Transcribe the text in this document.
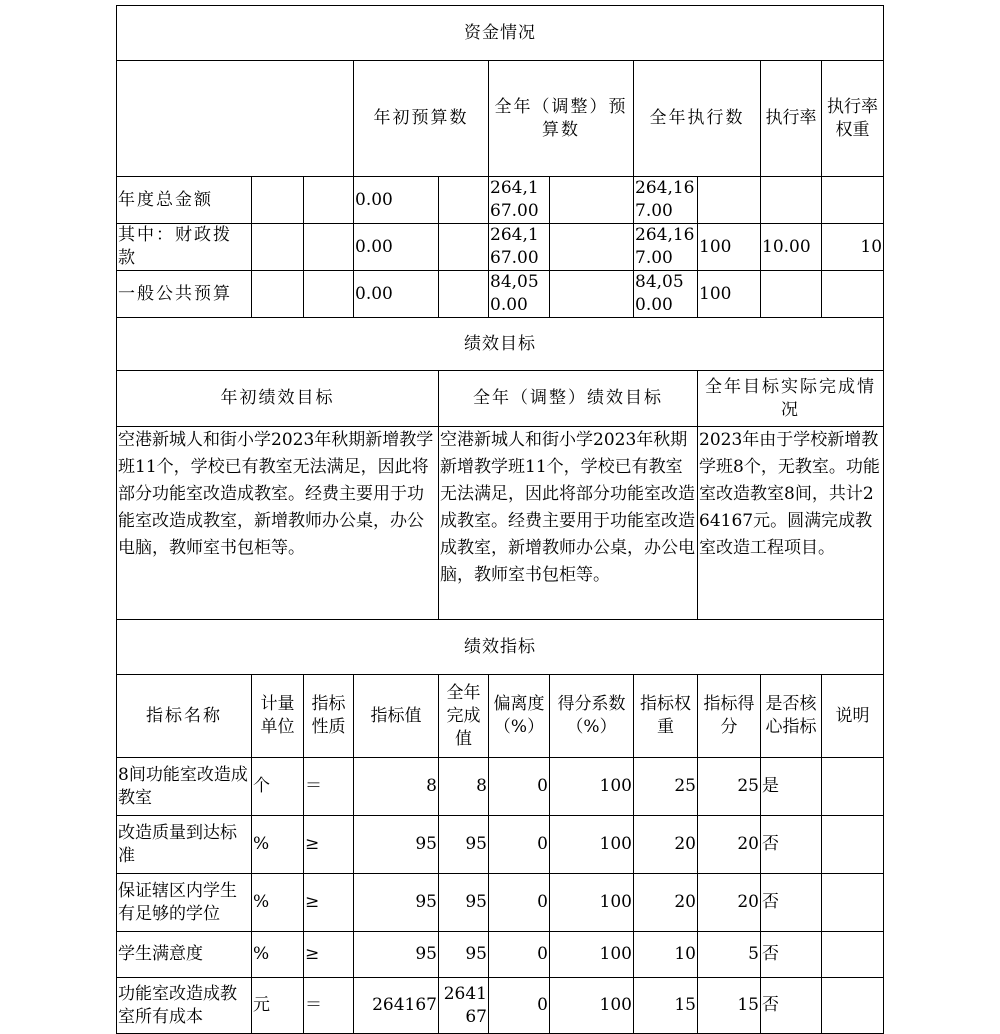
资金情况											
			年初预算数		全年（调整）预算数		全年执行数		执行率	执行率权重	
年度总金额			0.00		264,167.00		264,167.00				
其中：财政拨款			0.00		264,167.00		264,167.00	100	10.00	10	
一般公共预算			0.00		84,050.00		84,050.00	100			
绩效目标											
年初绩效目标				全年（调整）绩效目标				全年目标实际完成情况			
空港新城人和街小学2023年秋期新增教学班11个，学校已有教室无法满足，因此将部分功能室改造成教室。经费主要用于功能室改造成教室，新增教师办公桌，办公电脑，教师室书包柜等。				空港新城人和街小学2023年秋期新增教学班11个，学校已有教室无法满足，因此将部分功能室改造成教室。经费主要用于功能室改造成教室，新增教师办公桌，办公电脑，教师室书包柜等。				2023年由于学校新增教学班8个，无教室。功能室改造教室8间，共计264167元。圆满完成教室改造工程项目。			
绩效指标											
指标名称	计量单位	指标性质	指标值	全年完成值	偏离度（%）	得分系数（%）	指标权重	指标得分	是否核心指标	说明	
8间功能室改造成教室	个	＝	8	8	0	100	25	25	是		
改造质量到达标准	%	≥	95	95	0	100	20	20	否		
保证辖区内学生有足够的学位	%	≥	95	95	0	100	20	20	否		
学生满意度	%	≥	95	95	0	100	10	5	否		
功能室改造成教室所有成本	元	＝	264167	264167	0	100	15	15	否		
